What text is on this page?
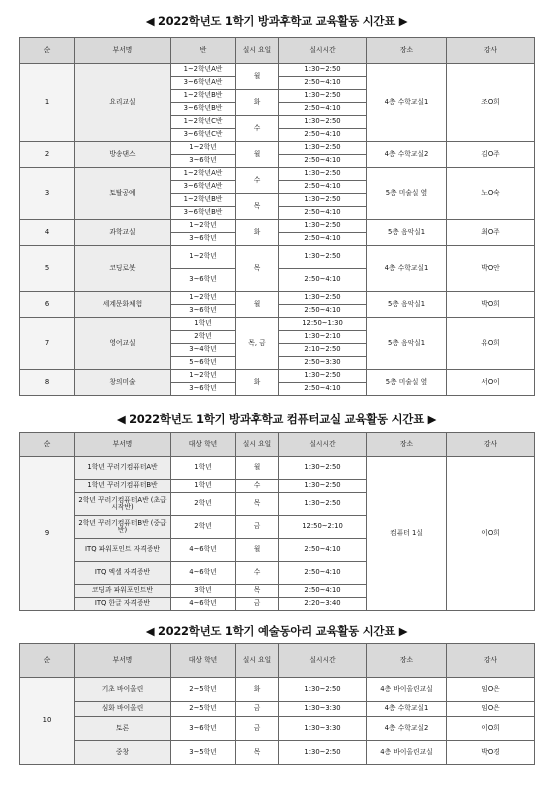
◀ 2022학년도 1학기 방과후학교 교육활동 시간표 ▶
순	부서명	반	실시 요일	실시시간	장소	강사
1	요리교실	1~2학년A반	월	1:30~2:50	4층 수학교실1	조O희
		3~6학년A반		2:50~4:10		
		1~2학년B반	화	1:30~2:50		
		3~6학년B반		2:50~4:10		
		1~2학년C반	수	1:30~2:50		
		3~6학년C반		2:50~4:10		
2	방송댄스	1~2학년	월	1:30~2:50	4층 수학교실2	김O주
		3~6학년		2:50~4:10		
3	토탈공예	1~2학년A반	수	1:30~2:50	5층 미술실 옆	노O숙
		3~6학년A반		2:50~4:10		
		1~2학년B반	목	1:30~2:50		
		3~6학년B반		2:50~4:10		
4	과학교실	1~2학년	화	1:30~2:50	5층 음악실1	최O주
		3~6학년		2:50~4:10		
5	코딩로봇	1~2학년	목	1:30~2:50	4층 수학교실1	박O안
		3~6학년		2:50~4:10		
6	세계문화체험	1~2학년	월	1:30~2:50	5층 음악실1	박O희
		3~6학년		2:50~4:10		
7	영어교실	1학년	목, 금	12:50~1:30	5층 음악실1	유O희
		2학년		1:30~2:10		
		3~4학년		2:10~2:50		
		5~6학년		2:50~3:30		
8	창의미술	1~2학년	화	1:30~2:50	5층 미술실 옆	서O이
		3~6학년		2:50~4:10		
◀ 2022학년도 1학기 방과후학교 컴퓨터교실 교육활동 시간표 ▶
순	부서명	대상 학년	실시 요일	실시시간	장소	강사
9	1학년 꾸러기컴퓨터A반	1학년	월	1:30~2:50	컴퓨터 1실	이O희
	1학년 꾸러기컴퓨터B반	1학년	수	1:30~2:50		
	2학년 꾸러기컴퓨터A반 (초급시작반)	2학년	목	1:30~2:50		
	2학년 꾸러기컴퓨터B반 (중급반)	2학년	금	12:50~2:10		
	ITQ 파워포인트 자격증반	4~6학년	월	2:50~4:10		
	ITQ 엑셀 자격증반	4~6학년	수	2:50~4:10		
	코딩과 파워포인트반	3학년	목	2:50~4:10		
	ITQ 한글 자격증반	4~6학년	금	2:20~3:40		
◀ 2022학년도 1학기 예술동아리 교육활동 시간표 ▶
순	부서명	대상 학년	실시 요일	실시시간	장소	강사
10	기초 바이올린	2~5학년	화	1:30~2:50	4층 바이올린교실	임O은
	심화 바이올린	2~5학년	금	1:30~3:30	4층 수학교실1	임O은
	토론	3~6학년	금	1:30~3:30	4층 수학교실2	이O희
	중창	3~5학년	목	1:30~2:50	4층 바이올린교실	박O경
